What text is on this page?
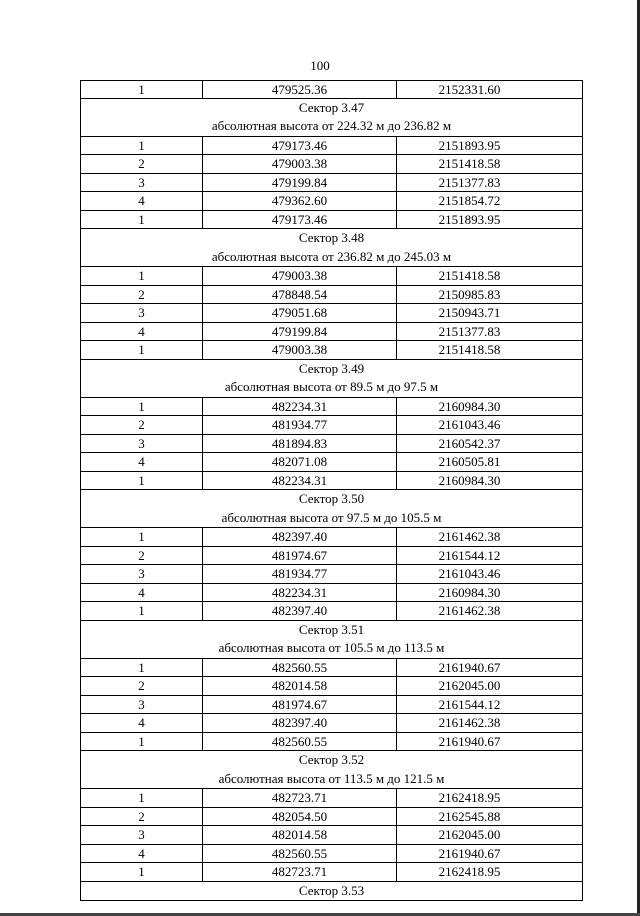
100
1	479525.36	2152331.60
Сектор 3.47
абсолютная высота от 224.32 м до 236.82 м
1	479173.46	2151893.95
2	479003.38	2151418.58
3	479199.84	2151377.83
4	479362.60	2151854.72
1	479173.46	2151893.95
Сектор 3.48
абсолютная высота от 236.82 м до 245.03 м
1	479003.38	2151418.58
2	478848.54	2150985.83
3	479051.68	2150943.71
4	479199.84	2151377.83
1	479003.38	2151418.58
Сектор 3.49
абсолютная высота от 89.5 м до 97.5 м
1	482234.31	2160984.30
2	481934.77	2161043.46
3	481894.83	2160542.37
4	482071.08	2160505.81
1	482234.31	2160984.30
Сектор 3.50
абсолютная высота от 97.5 м до 105.5 м
1	482397.40	2161462.38
2	481974.67	2161544.12
3	481934.77	2161043.46
4	482234.31	2160984.30
1	482397.40	2161462.38
Сектор 3.51
абсолютная высота от 105.5 м до 113.5 м
1	482560.55	2161940.67
2	482014.58	2162045.00
3	481974.67	2161544.12
4	482397.40	2161462.38
1	482560.55	2161940.67
Сектор 3.52
абсолютная высота от 113.5 м до 121.5 м
1	482723.71	2162418.95
2	482054.50	2162545.88
3	482014.58	2162045.00
4	482560.55	2161940.67
1	482723.71	2162418.95
Сектор 3.53
